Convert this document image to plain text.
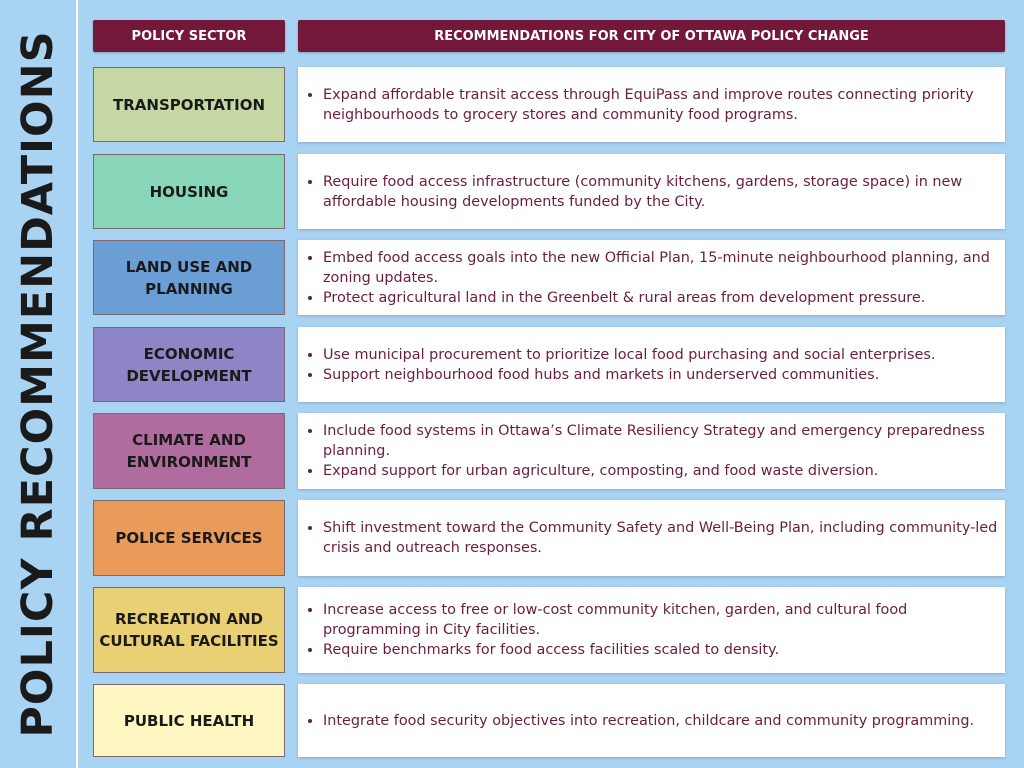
POLICY RECOMMENDATIONS	POLICY SECTOR	RECOMMENDATIONS FOR CITY OF OTTAWA POLICY CHANGE
TRANSPORTATION
• Expand affordable transit access through EquiPass and improve routes connecting priority neighbourhoods to grocery stores and community food programs.
HOUSING
• Require food access infrastructure (community kitchens, gardens, storage space) in new affordable housing developments funded by the City.
LAND USE AND PLANNING
• Embed food access goals into the new Official Plan, 15-minute neighbourhood planning, and zoning updates.
• Protect agricultural land in the Greenbelt & rural areas from development pressure.
ECONOMIC DEVELOPMENT
• Use municipal procurement to prioritize local food purchasing and social enterprises.
• Support neighbourhood food hubs and markets in underserved communities.
CLIMATE AND ENVIRONMENT
• Include food systems in Ottawa’s Climate Resiliency Strategy and emergency preparedness planning.
• Expand support for urban agriculture, composting, and food waste diversion.
POLICE SERVICES
• Shift investment toward the Community Safety and Well-Being Plan, including community-led crisis and outreach responses.
RECREATION AND CULTURAL FACILITIES
• Increase access to free or low-cost community kitchen, garden, and cultural food programming in City facilities.
• Require benchmarks for food access facilities scaled to density.
PUBLIC HEALTH
•	Integrate food security objectives into recreation, childcare and community programming.
